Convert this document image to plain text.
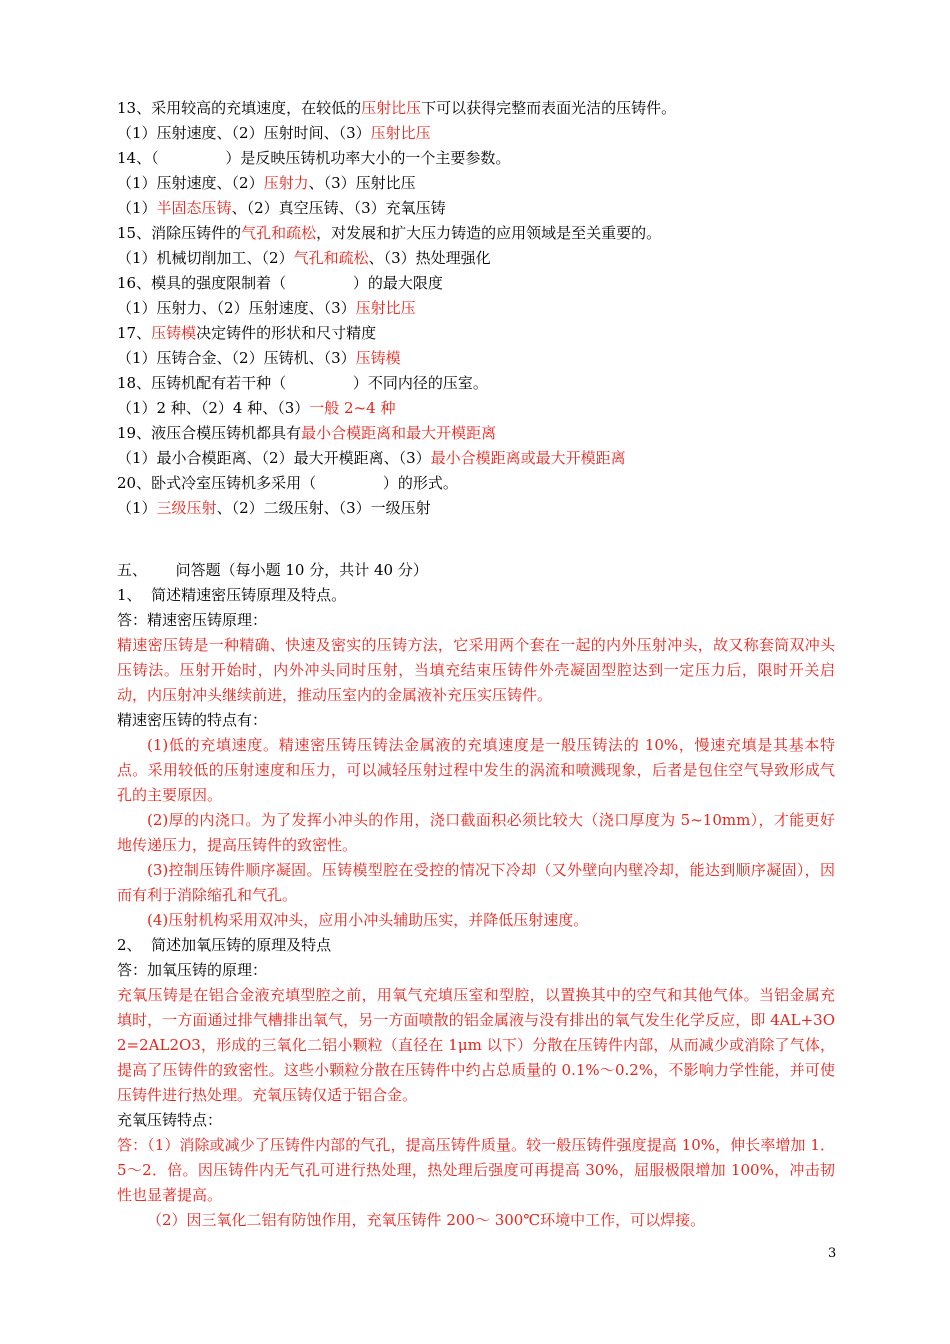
13、采用较高的充填速度，在较低的压射比压下可以获得完整而表面光洁的压铸件。
（1）压射速度、（2）压射时间、（3）压射比压
14、（              ）是反映压铸机功率大小的一个主要参数。
（1）压射速度、（2）压射力、（3）压射比压
（1）半固态压铸、（2）真空压铸、（3）充氧压铸
15、消除压铸件的气孔和疏松，对发展和扩大压力铸造的应用领域是至关重要的。
（1）机械切削加工、（2）气孔和疏松、（3）热处理强化
16、模具的强度限制着（              ）的最大限度
（1）压射力、（2）压射速度、（3）压射比压
17、压铸模决定铸件的形状和尺寸精度
（1）压铸合金、（2）压铸机、（3）压铸模
18、压铸机配有若干种（              ）不同内径的压室。
（1）2 种、（2）4 种、（3）一般 2~4 种
19、液压合模压铸机都具有最小合模距离和最大开模距离
（1）最小合模距离、（2）最大开模距离、（3）最小合模距离或最大开模距离
20、卧式冷室压铸机多采用（              ）的形式。
（1）三级压射、（2）二级压射、（3）一级压射
五、      问答题（每小题 10 分，共计 40 分）
1、  简述精速密压铸原理及特点。
答：精速密压铸原理：
精速密压铸是一种精确、快速及密实的压铸方法，它采用两个套在一起的内外压射冲头，故又称套筒双冲头压铸法。压射开始时，内外冲头同时压射，当填充结束压铸件外壳凝固型腔达到一定压力后，限时开关启动，内压射冲头继续前进，推动压室内的金属液补充压实压铸件。
精速密压铸的特点有：
(1)低的充填速度。精速密压铸压铸法金属液的充填速度是一般压铸法的 10%，慢速充填是其基本特点。采用较低的压射速度和压力，可以减轻压射过程中发生的涡流和喷溅现象，后者是包住空气导致形成气孔的主要原因。
(2)厚的内浇口。为了发挥小冲头的作用，浇口截面积必须比较大（浇口厚度为 5~10mm），才能更好地传递压力，提高压铸件的致密性。
(3)控制压铸件顺序凝固。压铸模型腔在受控的情况下冷却（又外壁向内壁冷却，能达到顺序凝固），因而有利于消除缩孔和气孔。
(4)压射机构采用双冲头，应用小冲头辅助压实，并降低压射速度。
2、  简述加氧压铸的原理及特点
答：加氧压铸的原理：
充氧压铸是在铝合金液充填型腔之前，用氧气充填压室和型腔，以置换其中的空气和其他气体。当铝金属充填时，一方面通过排气槽排出氧气，另一方面喷散的铝金属液与没有排出的氧气发生化学反应，即 4AL+3O2=2AL2O3，形成的三氧化二铝小颗粒（直径在 1μm 以下）分散在压铸件内部，从而减少或消除了气体，提高了压铸件的致密性。这些小颗粒分散在压铸件中约占总质量的 0.1%～0.2%，不影响力学性能，并可使压铸件进行热处理。充氧压铸仅适于铝合金。
充氧压铸特点：
答：（1）消除或减少了压铸件内部的气孔，提高压铸件质量。较一般压铸件强度提高 10%，伸长率增加 1．5～2．倍。因压铸件内无气孔可进行热处理，热处理后强度可再提高 30%，屈服极限增加 100%，冲击韧性也显著提高。
（2）因三氧化二铝有防蚀作用，充氧压铸件 200～ 300℃环境中工作，可以焊接。
3
